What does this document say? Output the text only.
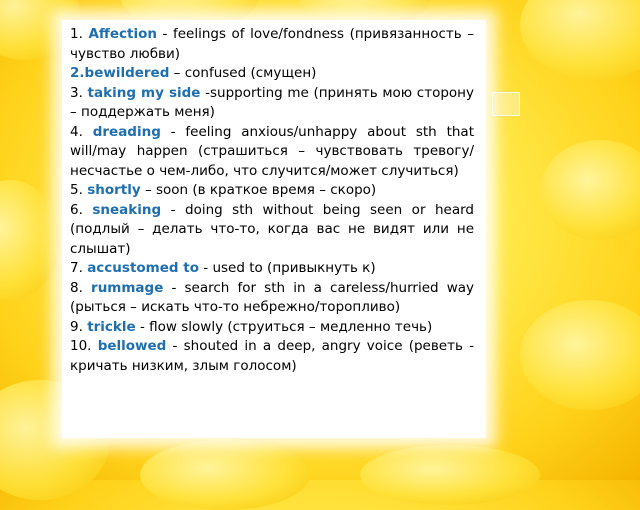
1. Affection - feelings of love/fondness (привязанность – чувство любви)

2.bewildered – confused (смущен)

3. taking my side -supporting me (принять мою сторону – поддержать меня)

4. dreading - feeling anxious/unhappy about sth that will/may happen (страшиться – чувствовать тревогу/несчастье о чем-либо, что случится/может случиться)

5. shortly – soon (в краткое время – скоро)

6. sneaking - doing sth without being seen or heard (подлый – делать что-то, когда вас не видят или не слышат)

7. accustomed to - used to (привыкнуть к)

8. rummage - search for sth in a careless/hurried way (рыться – искать что-то небрежно/торопливо)

9. trickle - flow slowly (струиться – медленно течь)

10. bellowed - shouted in a deep, angry voice (реветь - кричать низким, злым голосом)
